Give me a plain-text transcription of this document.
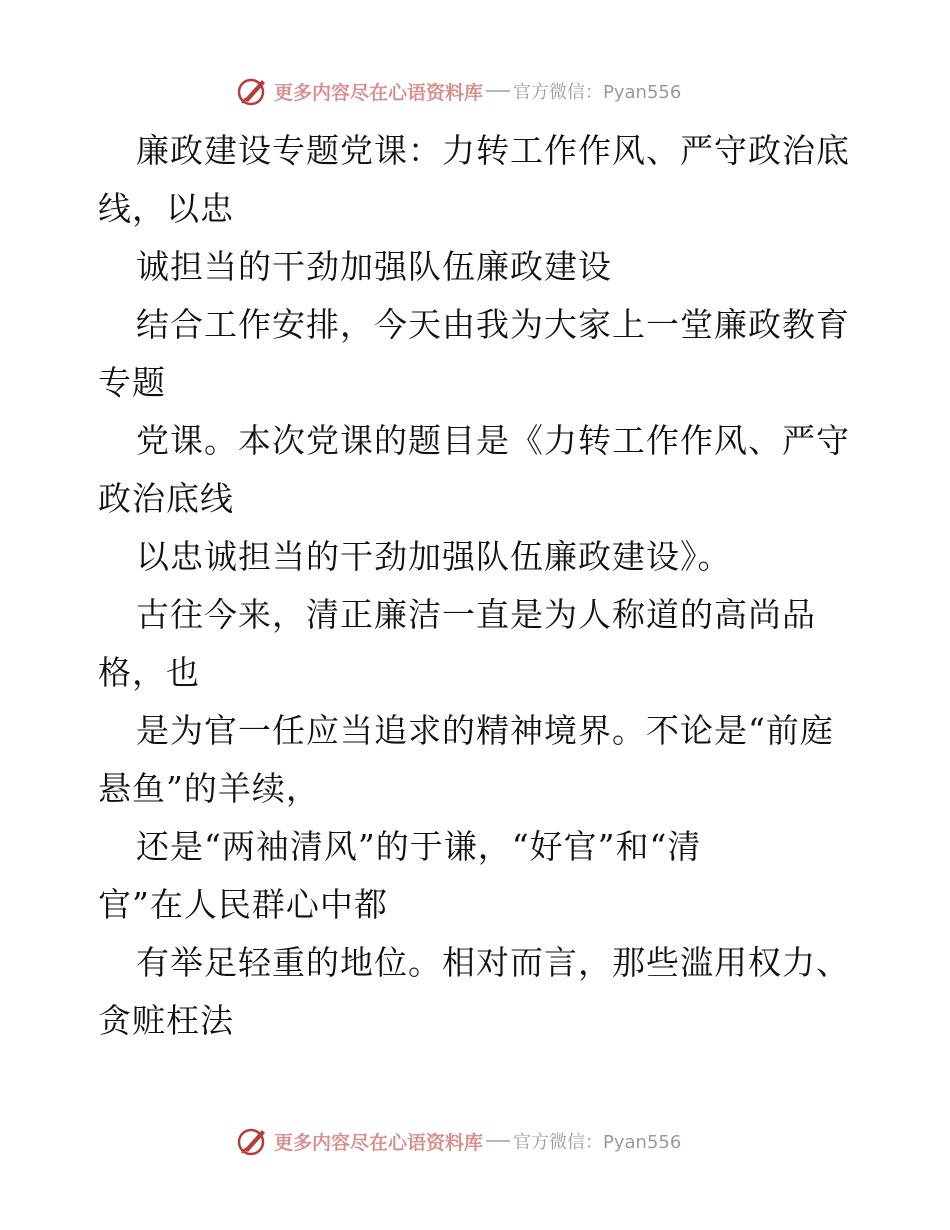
更多内容尽在心语资料库 官方微信：Pyan556
廉政建设专题党课：力转工作作风、严守政治底
线，以忠
诚担当的干劲加强队伍廉政建设
结合工作安排，今天由我为大家上一堂廉政教育
专题
党课。本次党课的题目是《力转工作作风、严守
政治底线
以忠诚担当的干劲加强队伍廉政建设》。
古往今来，清正廉洁一直是为人称道的高尚品
格，也
是为官一任应当追求的精神境界。不论是“前庭
悬鱼”的羊续，
还是“两袖清风”的于谦，“好官”和“清
官”在人民群心中都
有举足轻重的地位。相对而言，那些滥用权力、
贪赃枉法
更多内容尽在心语资料库 官方微信：Pyan556
